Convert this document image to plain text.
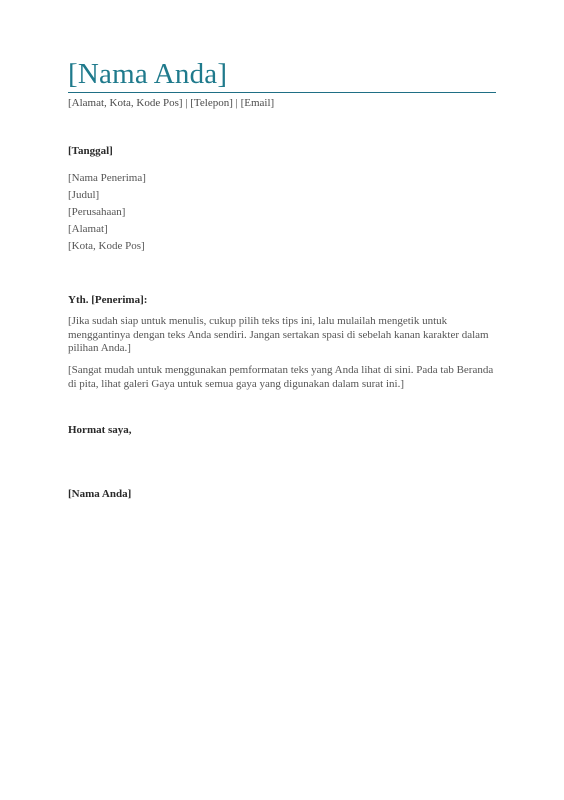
[Nama Anda]
[Alamat, Kota, Kode Pos] | [Telepon] | [Email]
[Tanggal]
[Nama Penerima]
[Judul]
[Perusahaan]
[Alamat]
[Kota, Kode Pos]
Yth. [Penerima]:
[Jika sudah siap untuk menulis, cukup pilih teks tips ini, lalu mulailah mengetik untuk menggantinya dengan teks Anda sendiri. Jangan sertakan spasi di sebelah kanan karakter dalam pilihan Anda.]
[Sangat mudah untuk menggunakan pemformatan teks yang Anda lihat di sini. Pada tab Beranda di pita, lihat galeri Gaya untuk semua gaya yang digunakan dalam surat ini.]
Hormat saya,
[Nama Anda]
